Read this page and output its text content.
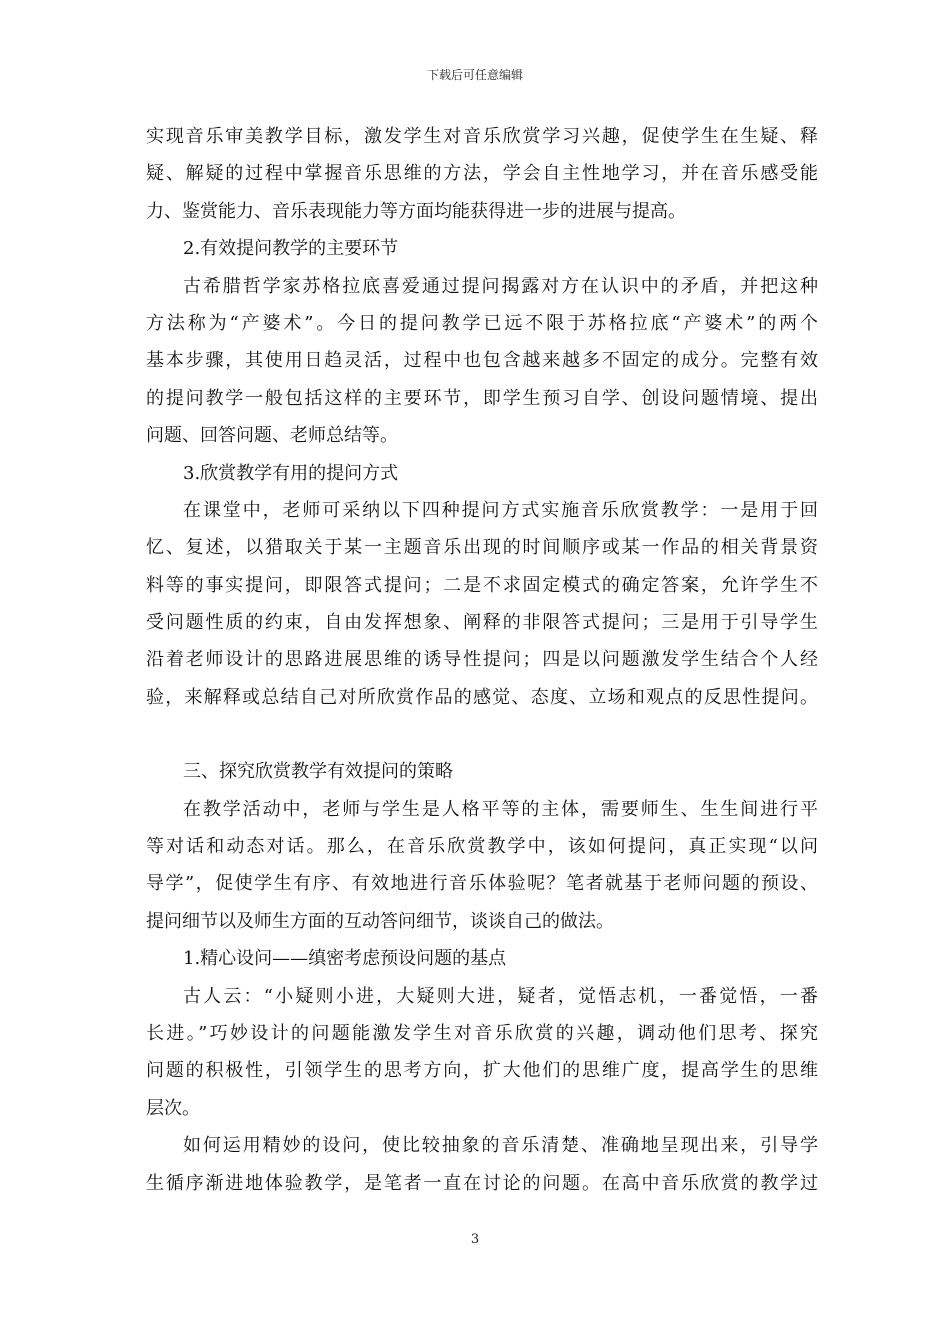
下载后可任意编辑
实现音乐审美教学目标，激发学生对音乐欣赏学习兴趣，促使学生在生疑、释
疑、解疑的过程中掌握音乐思维的方法，学会自主性地学习，并在音乐感受能
力、鉴赏能力、音乐表现能力等方面均能获得进一步的进展与提高。
2.有效提问教学的主要环节
古希腊哲学家苏格拉底喜爱通过提问揭露对方在认识中的矛盾，并把这种
方法称为“产婆术”。今日的提问教学已远不限于苏格拉底“产婆术”的两个
基本步骤，其使用日趋灵活，过程中也包含越来越多不固定的成分。完整有效
的提问教学一般包括这样的主要环节，即学生预习自学、创设问题情境、提出
问题、回答问题、老师总结等。
3.欣赏教学有用的提问方式
在课堂中，老师可采纳以下四种提问方式实施音乐欣赏教学：一是用于回
忆、复述，以猎取关于某一主题音乐出现的时间顺序或某一作品的相关背景资
料等的事实提问，即限答式提问；二是不求固定模式的确定答案，允许学生不
受问题性质的约束，自由发挥想象、阐释的非限答式提问；三是用于引导学生
沿着老师设计的思路进展思维的诱导性提问；四是以问题激发学生结合个人经
验，来解释或总结自己对所欣赏作品的感觉、态度、立场和观点的反思性提问。
三、探究欣赏教学有效提问的策略
在教学活动中，老师与学生是人格平等的主体，需要师生、生生间进行平
等对话和动态对话。那么，在音乐欣赏教学中，该如何提问，真正实现“以问
导学”，促使学生有序、有效地进行音乐体验呢？笔者就基于老师问题的预设、
提问细节以及师生方面的互动答问细节，谈谈自己的做法。
1.精心设问——缜密考虑预设问题的基点
古人云：“小疑则小进，大疑则大进，疑者，觉悟志机，一番觉悟，一番
长进。”巧妙设计的问题能激发学生对音乐欣赏的兴趣，调动他们思考、探究
问题的积极性，引领学生的思考方向，扩大他们的思维广度，提高学生的思维
层次。
如何运用精妙的设问，使比较抽象的音乐清楚、准确地呈现出来，引导学
生循序渐进地体验教学，是笔者一直在讨论的问题。在高中音乐欣赏的教学过
3
